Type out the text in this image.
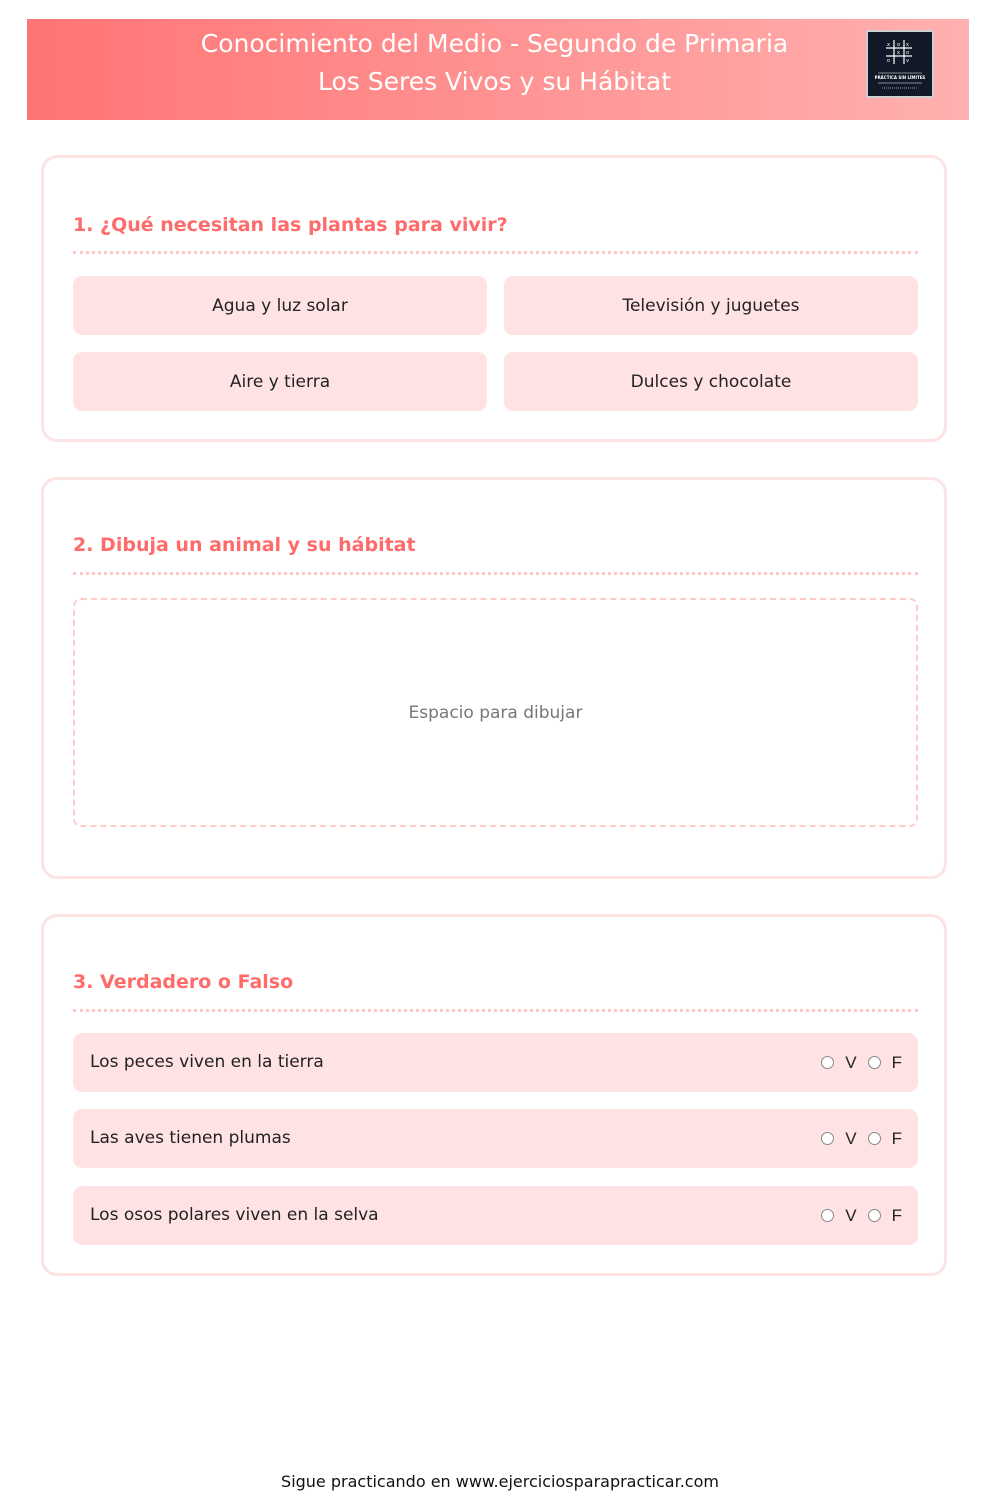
Conocimiento del Medio - Segundo de Primaria
Los Seres Vivos y su Hábitat
x o x
x o
o	v
PRÁCTICA SIN LÍMITES
1. ¿Qué necesitan las plantas para vivir?
Agua y luz solar	Televisión y juguetes
Aire y tierra	Dulces y chocolate
2. Dibuja un animal y su hábitat
Espacio para dibujar
3. Verdadero o Falso
Los peces viven en la tierra	V F
Las aves tienen plumas	V F
Los osos polares viven en la selva	V F
Sigue practicando en www.ejerciciosparapracticar.com
